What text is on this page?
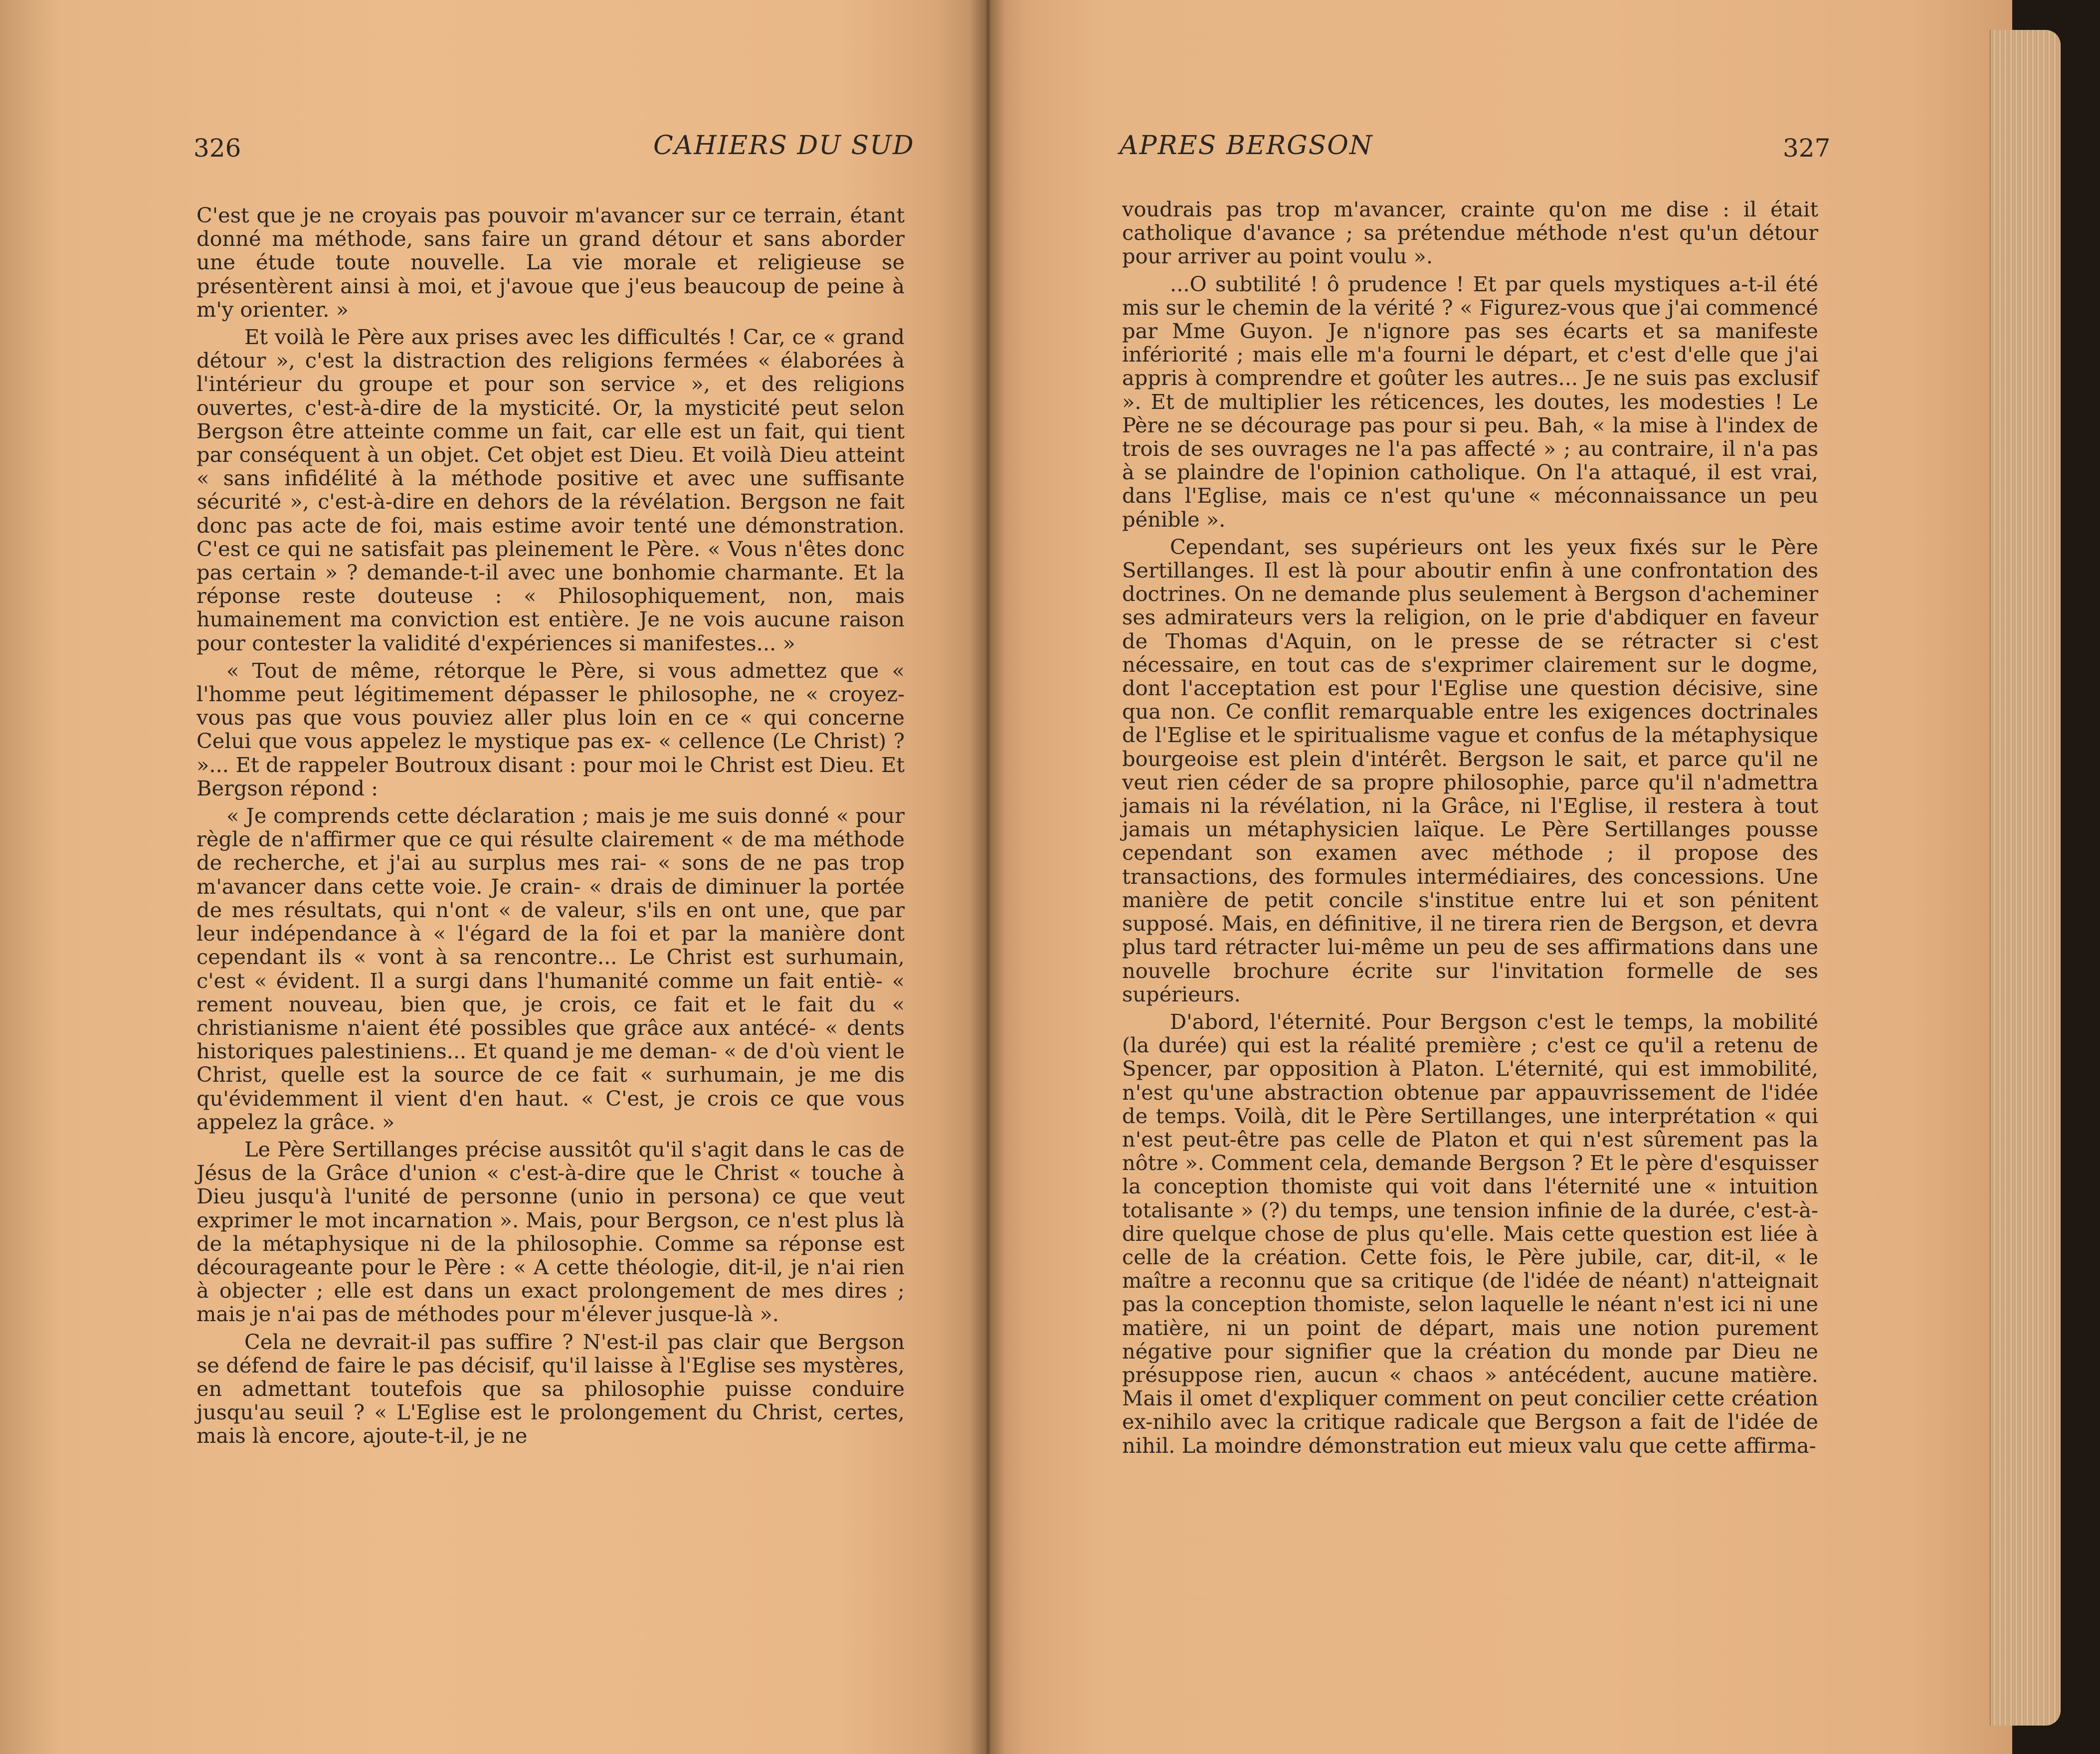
326	CAHIERS DU SUD

C'est que je ne croyais pas pouvoir m'avancer sur ce terrain, étant donné ma méthode, sans faire un grand détour et sans aborder une étude toute nouvelle. La vie morale et religieuse se présentèrent ainsi à moi, et j'avoue que j'eus beaucoup de peine à m'y orienter. »

Et voilà le Père aux prises avec les difficultés ! Car, ce « grand détour », c'est la distraction des religions fermées « élaborées à l'intérieur du groupe et pour son service », et des religions ouvertes, c'est-à-dire de la mysticité. Or, la mysticité peut selon Bergson être atteinte comme un fait, car elle est un fait, qui tient par conséquent à un objet. Cet objet est Dieu. Et voilà Dieu atteint « sans infidélité à la méthode positive et avec une suffisante sécurité », c'est-à-dire en dehors de la révélation. Bergson ne fait donc pas acte de foi, mais estime avoir tenté une démonstration. C'est ce qui ne satisfait pas pleinement le Père. « Vous n'êtes donc pas certain » ? demande-t-il avec une bonhomie charmante. Et la réponse reste douteuse : « Philosophiquement, non, mais humainement ma conviction est entière. Je ne vois aucune raison pour contester la validité d'expériences si manifestes... »

« Tout de même, rétorque le Père, si vous admettez que « l'homme peut légitimement dépasser le philosophe, ne « croyez-vous pas que vous pouviez aller plus loin en ce « qui concerne Celui que vous appelez le mystique pas ex- « cellence (Le Christ) ? »... Et de rappeler Boutroux disant : pour moi le Christ est Dieu. Et Bergson répond :

« Je comprends cette déclaration ; mais je me suis donné « pour règle de n'affirmer que ce qui résulte clairement « de ma méthode de recherche, et j'ai au surplus mes rai- « sons de ne pas trop m'avancer dans cette voie. Je crain- « drais de diminuer la portée de mes résultats, qui n'ont « de valeur, s'ils en ont une, que par leur indépendance à « l'égard de la foi et par la manière dont cependant ils « vont à sa rencontre... Le Christ est surhumain, c'est « évident. Il a surgi dans l'humanité comme un fait entiè- « rement nouveau, bien que, je crois, ce fait et le fait du « christianisme n'aient été possibles que grâce aux antécé- « dents historiques palestiniens... Et quand je me deman- « de d'où vient le Christ, quelle est la source de ce fait « surhumain, je me dis qu'évidemment il vient d'en haut. « C'est, je crois ce que vous appelez la grâce. »

Le Père Sertillanges précise aussitôt qu'il s'agit dans le cas de Jésus de la Grâce d'union « c'est-à-dire que le Christ « touche à Dieu jusqu'à l'unité de personne (unio in persona) ce que veut exprimer le mot incarnation ». Mais, pour Bergson, ce n'est plus là de la métaphysique ni de la philosophie. Comme sa réponse est décourageante pour le Père : « A cette théologie, dit-il, je n'ai rien à objecter ; elle est dans un exact prolongement de mes dires ; mais je n'ai pas de méthodes pour m'élever jusque-là ».

Cela ne devrait-il pas suffire ? N'est-il pas clair que Bergson se défend de faire le pas décisif, qu'il laisse à l'Eglise ses mystères, en admettant toutefois que sa philosophie puisse conduire jusqu'au seuil ? « L'Eglise est le prolongement du Christ, certes, mais là encore, ajoute-t-il, je ne

APRES BERGSON	327

voudrais pas trop m'avancer, crainte qu'on me dise : il était catholique d'avance ; sa prétendue méthode n'est qu'un détour pour arriver au point voulu ».

...O subtilité ! ô prudence ! Et par quels mystiques a-t-il été mis sur le chemin de la vérité ? « Figurez-vous que j'ai commencé par Mme Guyon. Je n'ignore pas ses écarts et sa manifeste infériorité ; mais elle m'a fourni le départ, et c'est d'elle que j'ai appris à comprendre et goûter les autres... Je ne suis pas exclusif ». Et de multiplier les réticences, les doutes, les modesties ! Le Père ne se décourage pas pour si peu. Bah, « la mise à l'index de trois de ses ouvrages ne l'a pas affecté » ; au contraire, il n'a pas à se plaindre de l'opinion catholique. On l'a attaqué, il est vrai, dans l'Eglise, mais ce n'est qu'une « méconnaissance un peu pénible ».

Cependant, ses supérieurs ont les yeux fixés sur le Père Sertillanges. Il est là pour aboutir enfin à une confrontation des doctrines. On ne demande plus seulement à Bergson d'acheminer ses admirateurs vers la religion, on le prie d'abdiquer en faveur de Thomas d'Aquin, on le presse de se rétracter si c'est nécessaire, en tout cas de s'exprimer clairement sur le dogme, dont l'acceptation est pour l'Eglise une question décisive, sine qua non. Ce conflit remarquable entre les exigences doctrinales de l'Eglise et le spiritualisme vague et confus de la métaphysique bourgeoise est plein d'intérêt. Bergson le sait, et parce qu'il ne veut rien céder de sa propre philosophie, parce qu'il n'admettra jamais ni la révélation, ni la Grâce, ni l'Eglise, il restera à tout jamais un métaphysicien laïque. Le Père Sertillanges pousse cependant son examen avec méthode ; il propose des transactions, des formules intermédiaires, des concessions. Une manière de petit concile s'institue entre lui et son pénitent supposé. Mais, en définitive, il ne tirera rien de Bergson, et devra plus tard rétracter lui-même un peu de ses affirmations dans une nouvelle brochure écrite sur l'invitation formelle de ses supérieurs.

D'abord, l'éternité. Pour Bergson c'est le temps, la mobilité (la durée) qui est la réalité première ; c'est ce qu'il a retenu de Spencer, par opposition à Platon. L'éternité, qui est immobilité, n'est qu'une abstraction obtenue par appauvrissement de l'idée de temps. Voilà, dit le Père Sertillanges, une interprétation « qui n'est peut-être pas celle de Platon et qui n'est sûrement pas la nôtre ». Comment cela, demande Bergson ? Et le père d'esquisser la conception thomiste qui voit dans l'éternité une « intuition totalisante » (?) du temps, une tension infinie de la durée, c'est-à-dire quelque chose de plus qu'elle. Mais cette question est liée à celle de la création. Cette fois, le Père jubile, car, dit-il, « le maître a reconnu que sa critique (de l'idée de néant) n'atteignait pas la conception thomiste, selon laquelle le néant n'est ici ni une matière, ni un point de départ, mais une notion purement négative pour signifier que la création du monde par Dieu ne présuppose rien, aucun « chaos » antécédent, aucune matière. Mais il omet d'expliquer comment on peut concilier cette création ex-nihilo avec la critique radicale que Bergson a fait de l'idée de nihil. La moindre démonstration eut mieux valu que cette affirma-
